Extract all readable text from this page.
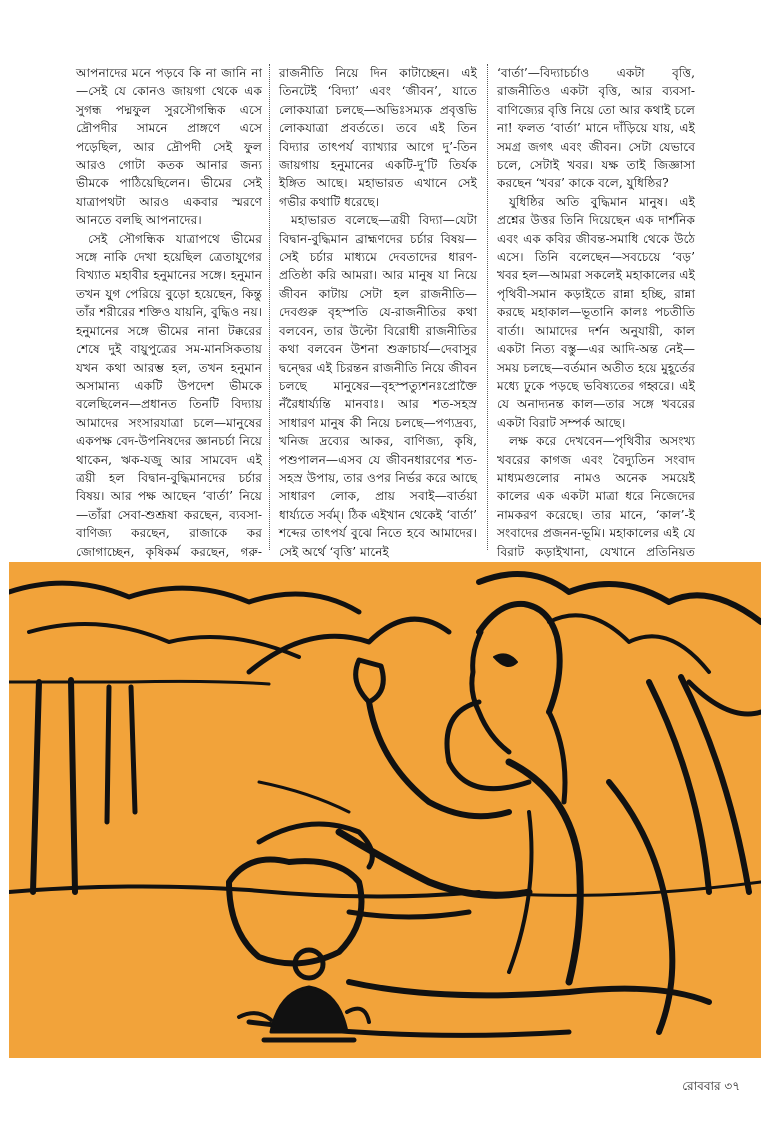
আপনাদের মনে পড়বে কি না জানি না—সেই যে কোনও জায়গা থেকে এক সুগন্ধ পদ্মফুল সুরসৌগন্ধিক এসে দ্রৌপদীর সামনে প্রাঙ্গণে এসে পড়েছিল, আর দ্রৌপদী সেই ফুল আরও গোটা কতক আনার জন্য ভীমকে পাঠিয়েছিলেন। ভীমের সেই যাত্রাপথটা আরও একবার স্মরণে আনতে বলছি আপনাদের।

সেই সৌগন্ধিক যাত্রাপথে ভীমের সঙ্গে নাকি দেখা হয়েছিল ত্রেতাযুগের বিখ্যাত মহাবীর হনুমানের সঙ্গে। হনুমান তখন যুগ পেরিয়ে বুড়ো হয়েছেন, কিন্তু তাঁর শরীরের শক্তিও যায়নি, বুদ্ধিও নয়। হনুমানের সঙ্গে ভীমের নানা টক্করের শেষে দুই বায়ুপুত্রের সম-মানসিকতায় যখন কথা আরম্ভ হল, তখন হনুমান অসামান্য একটি উপদেশ ভীমকে বলেছিলেন—প্রধানত তিনটি বিদ্যায় আমাদের সংসারযাত্রা চলে—মানুষের একপক্ষ বেদ-উপনিষদের জ্ঞানচর্চা নিয়ে থাকেন, ঋক-যজু আর সামবেদ এই ত্রয়ী হল বিদ্বান-বুদ্ধিমানদের চর্চার বিষয়। আর পক্ষ আছেন ‘বার্তা’ নিয়ে—তাঁরা সেবা-শুশ্রূষা করছেন, ব্যবসা-বাণিজ্য করছেন, রাজাকে কর জোগাচ্ছেন, কৃষিকর্ম করছেন, গরু-

রাজনীতি নিয়ে দিন কাটাচ্ছেন। এই তিনটেই ‘বিদ্যা’ এবং ‘জীবন’, যাতে লোকযাত্রা চলছে—অভিঃসম্যক প্রবৃত্তভি লোকযাত্রা প্রবর্ততে। তবে এই তিন বিদ্যার তাৎপর্য ব্যাখ্যার আগে দু’-তিন জায়গায় হনুমানের একটি-দু’টি তির্যক ইঙ্গিত আছে। মহাভারত এখানে সেই গভীর কথাটি ধরেছে।

মহাভারত বলেছে—ত্রয়ী বিদ্যা—যেটা বিদ্বান-বুদ্ধিমান ব্রাহ্মণদের চর্চার বিষয়—সেই চর্চার মাধ্যমে দেবতাদের ধারণ-প্রতিষ্ঠা করি আমরা। আর মানুষ যা নিয়ে জীবন কাটায় সেটা হল রাজনীতি—দেবগুরু বৃহস্পতি যে-রাজনীতির কথা বলবেন, তার উল্টো বিরোধী রাজনীতির কথা বলবেন উশনা শুক্রাচার্য—দেবাসুর দ্বন্দ্বের এই চিরন্তন রাজনীতি নিয়ে জীবন চলছে মানুষের—বৃহস্পত্যুশনঃপ্রোক্তৈ নঁরৈধার্য্যন্তি মানবাঃ। আর শত-সহস্র সাধারণ মানুষ কী নিয়ে চলছে—পণ্যদ্রব্য, খনিজ দ্রব্যের আকর, বাণিজ্য, কৃষি, পশুপালন—এসব যে জীবনধারণের শত-সহস্র উপায়, তার ওপর নির্ভর করে আছে সাধারণ লোক, প্রায় সবাই—বার্তয়া ধার্য্যতে সর্বম্‌। ঠিক এইখান থেকেই ‘বার্তা’ শব্দের তাৎপর্য বুঝে নিতে হবে আমাদের। সেই অর্থে ‘বৃত্তি’ মানেই

‘বার্তা’—বিদ্যাচর্চাও একটা বৃত্তি, রাজনীতিও একটা বৃত্তি, আর ব্যবসা-বাণিজ্যের বৃত্তি নিয়ে তো আর কথাই চলে না! ফলত ‘বার্তা’ মানে দাঁড়িয়ে যায়, এই সমগ্র জগৎ এবং জীবন। সেটা যেভাবে চলে, সেটাই খবর। যক্ষ তাই জিজ্ঞাসা করছেন ‘খবর’ কাকে বলে, যুধিষ্ঠির?

যুধিষ্ঠির অতি বুদ্ধিমান মানুষ। এই প্রশ্নের উত্তর তিনি দিয়েছেন এক দার্শনিক এবং এক কবির জীবন্ত-সমাধি থেকে উঠে এসে। তিনি বলেছেন—সবচেয়ে ‘বড়’ খবর হল—আমরা সকলেই মহাকালের এই পৃথিবী-সমান কড়াইতে রান্না হচ্ছি, রান্না করছে মহাকাল—ভূতানি কালঃ পচতীতি বার্তা। আমাদের দর্শন অনুযায়ী, কাল একটা নিত্য বস্তু—এর আদি-অন্ত নেই—সময় চলছে—বর্তমান অতীত হয়ে মুহূর্তের মধ্যে ঢুকে পড়ছে ভবিষ্যতের গহ্বরে। এই যে অনাদ্যনন্ত কাল—তার সঙ্গে খবরের একটা বিরাট সম্পর্ক আছে।

লক্ষ করে দেখবেন—পৃথিবীর অসংখ্য খবরের কাগজ এবং বৈদ্যুতিন সংবাদ মাধ্যমগুলোর নামও অনেক সময়েই কালের এক একটা মাত্রা ধরে নিজেদের নামকরণ করেছে। তার মানে, ‘কাল’-ই সংবাদের প্রজনন-ভূমি। মহাকালের এই যে বিরাট কড়াইখানা, যেখানে প্রতিনিয়ত

রোববার ৩৭
